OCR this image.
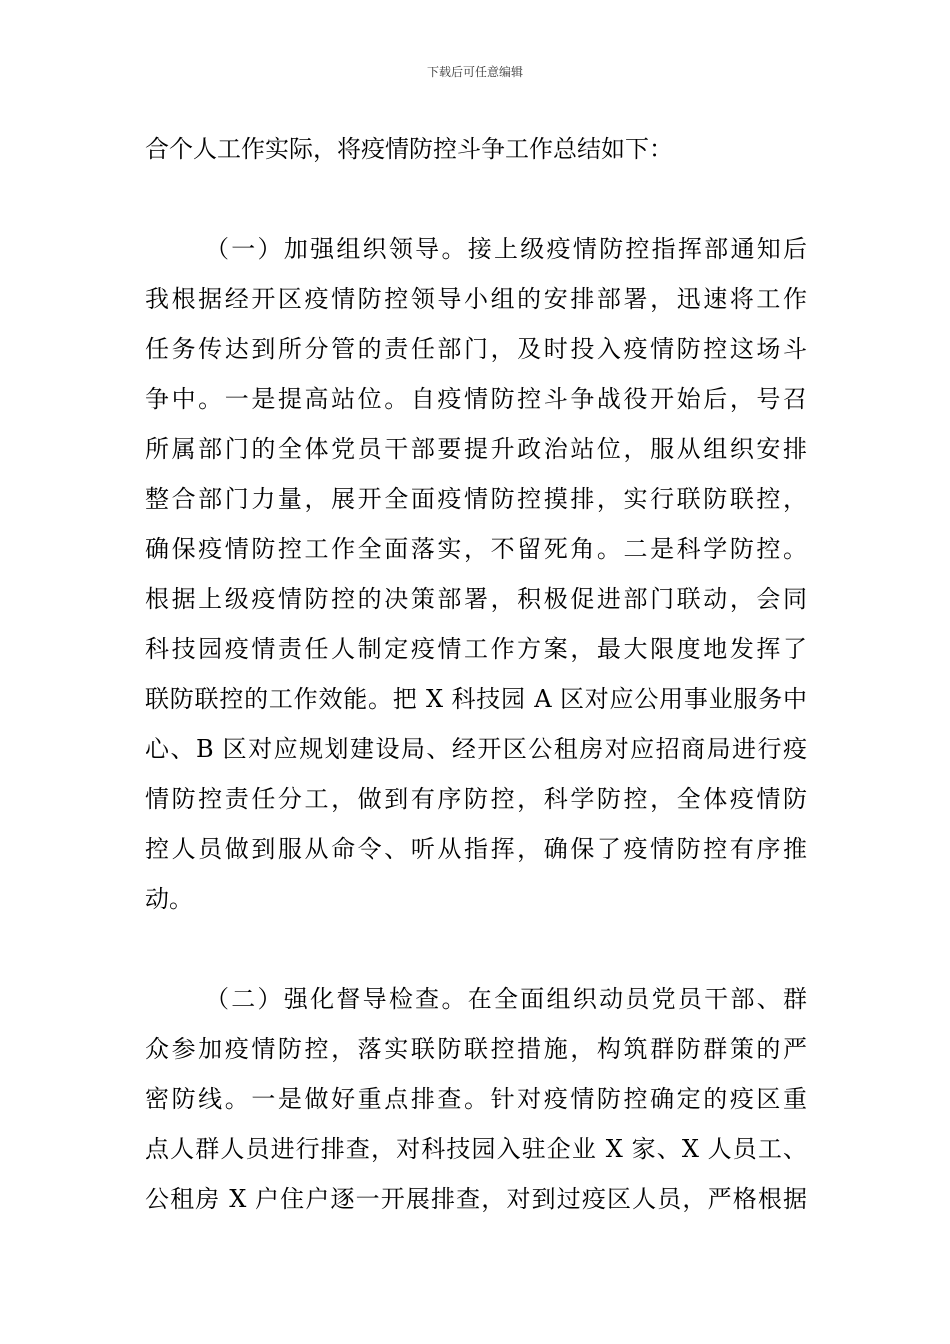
下载后可任意编辑
合个人工作实际，将疫情防控斗争工作总结如下：
（一）加强组织领导。接上级疫情防控指挥部通知后
我根据经开区疫情防控领导小组的安排部署，迅速将工作
任务传达到所分管的责任部门，及时投入疫情防控这场斗
争中。一是提高站位。自疫情防控斗争战役开始后，号召
所属部门的全体党员干部要提升政治站位，服从组织安排
整合部门力量，展开全面疫情防控摸排，实行联防联控，
确保疫情防控工作全面落实，不留死角。二是科学防控。
根据上级疫情防控的决策部署，积极促进部门联动，会同
科技园疫情责任人制定疫情工作方案，最大限度地发挥了
联防联控的工作效能。把 X 科技园 A 区对应公用事业服务中
心、B 区对应规划建设局、经开区公租房对应招商局进行疫
情防控责任分工，做到有序防控，科学防控，全体疫情防
控人员做到服从命令、听从指挥，确保了疫情防控有序推
动。
（二）强化督导检查。在全面组织动员党员干部、群
众参加疫情防控，落实联防联控措施，构筑群防群策的严
密防线。一是做好重点排查。针对疫情防控确定的疫区重
点人群人员进行排查，对科技园入驻企业 X 家、X 人员工、
公租房 X 户住户逐一开展排查，对到过疫区人员，严格根据
